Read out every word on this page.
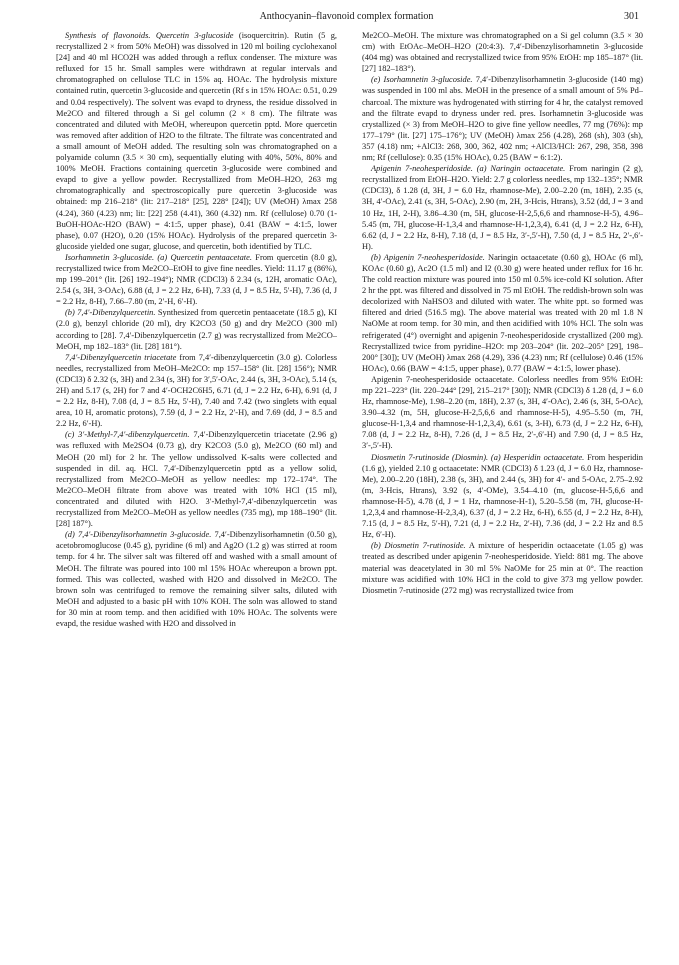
Anthocyanin–flavonoid complex formation	301

Synthesis of flavonoids. Quercetin 3-glucoside (isoquercitrin). Rutin (5 g, recrystallized 2 × from 50% MeOH) was dissolved in 120 ml boiling cyclohexanol [24] and 40 ml HCO2H was added through a reflux condenser. The mixture was refluxed for 15 hr. Small samples were withdrawn at regular intervals and chromatographed on cellulose TLC in 15% aq. HOAc. The hydrolysis mixture contained rutin, quercetin 3-glucoside and quercetin (Rf s in 15% HOAc: 0.51, 0.29 and 0.04 respectively). The solvent was evapd to dryness, the residue dissolved in Me2CO and filtered through a Si gel column (2 × 8 cm). The filtrate was concentrated and diluted with MeOH, whereupon quercetin pptd. More quercetin was removed after addition of H2O to the filtrate. The filtrate was concentrated and a small amount of MeOH added. The resulting soln was chromatographed on a polyamide column (3.5 × 30 cm), sequentially eluting with 40%, 50%, 80% and 100% MeOH. Fractions containing quercetin 3-glucoside were combined and evapd to give a yellow powder. Recrystallized from MeOH–H2O, 263 mg chromatographically and spectroscopically pure quercetin 3-glucoside was obtained: mp 216–218° (lit: 217–218° [25], 228° [24]); UV (MeOH) λmax 258 (4.24), 360 (4.23) nm; lit: [22] 258 (4.41), 360 (4.32) nm. Rf (cellulose) 0.70 (1-BuOH-HOAc-H2O (BAW) = 4:1:5, upper phase), 0.41 (BAW = 4:1:5, lower phase), 0.07 (H2O), 0.20 (15% HOAc). Hydrolysis of the prepared quercetin 3-glucoside yielded one sugar, glucose, and quercetin, both identified by TLC.

Isorhamnetin 3-glucoside. (a) Quercetin pentaacetate. From quercetin (8.0 g), recrystallized twice from Me2CO–EtOH to give fine needles. Yield: 11.17 g (86%), mp 199–201° (lit. [26] 192–194°); NMR (CDCl3) δ 2.34 (s, 12H, aromatic OAc), 2.54 (s, 3H, 3-OAc), 6.88 (d, J = 2.2 Hz, 6-H), 7.33 (d, J = 8.5 Hz, 5′-H), 7.36 (d, J = 2.2 Hz, 8-H), 7.66–7.80 (m, 2′-H, 6′-H).

(b) 7,4′-Dibenzylquercetin. Synthesized from quercetin pentaacetate (18.5 g), KI (2.0 g), benzyl chloride (20 ml), dry K2CO3 (50 g) and dry Me2CO (300 ml) according to [28]. 7,4′-Dibenzylquercetin (2.7 g) was recrystallized from Me2CO–MeOH, mp 182–183° (lit. [28] 181°).

7,4′-Dibenzylquercetin triacetate from 7,4′-dibenzylquercetin (3.0 g). Colorless needles, recrystallized from MeOH–Me2CO: mp 157–158° (lit. [28] 156°); NMR (CDCl3) δ 2.32 (s, 3H) and 2.34 (s, 3H) for 3′,5′-OAc, 2.44 (s, 3H, 3-OAc), 5.14 (s, 2H) and 5.17 (s, 2H) for 7 and 4′-OCH2C6H5, 6.71 (d, J = 2.2 Hz, 6-H), 6.91 (d, J = 2.2 Hz, 8-H), 7.08 (d, J = 8.5 Hz, 5′-H), 7.40 and 7.42 (two singlets with equal area, 10 H, aromatic protons), 7.59 (d, J = 2.2 Hz, 2′-H), and 7.69 (dd, J = 8.5 and 2.2 Hz, 6′-H).

(c) 3′-Methyl-7,4′-dibenzylquercetin. 7,4′-Dibenzylquercetin triacetate (2.96 g) was refluxed with Me2SO4 (0.73 g), dry K2CO3 (5.0 g), Me2CO (60 ml) and MeOH (20 ml) for 2 hr. The yellow undissolved K-salts were collected and suspended in dil. aq. HCl. 7,4′-Dibenzylquercetin pptd as a yellow solid, recrystallized from Me2CO–MeOH as yellow needles: mp 172–174°. The Me2CO–MeOH filtrate from above was treated with 10% HCl (15 ml), concentrated and diluted with H2O. 3′-Methyl-7,4′-dibenzylquercetin was recrystallized from Me2CO–MeOH as yellow needles (735 mg), mp 188–190° (lit. [28] 187°).

(d) 7,4′-Dibenzylisorhamnetin 3-glucoside. 7,4′-Dibenzylisorhamnetin (0.50 g), acetobromoglucose (0.45 g), pyridine (6 ml) and Ag2O (1.2 g) was stirred at room temp. for 4 hr. The silver salt was filtered off and washed with a small amount of MeOH. The filtrate was poured into 100 ml 15% HOAc whereupon a brown ppt. formed. This was collected, washed with H2O and dissolved in Me2CO. The brown soln was centrifuged to remove the remaining silver salts, diluted with MeOH and adjusted to a basic pH with 10% KOH. The soln was allowed to stand for 30 min at room temp. and then acidified with 10% HOAc. The solvents were evapd, the residue washed with H2O and dissolved in

Me2CO–MeOH. The mixture was chromatographed on a Si gel column (3.5 × 30 cm) with EtOAc–MeOH–H2O (20:4:3). 7,4′-Dibenzylisorhamnetin 3-glucoside (404 mg) was obtained and recrystallized twice from 95% EtOH: mp 185–187° (lit. [27] 182–183°).

(e) Isorhamnetin 3-glucoside. 7,4′-Dibenzylisorhamnetin 3-glucoside (140 mg) was suspended in 100 ml abs. MeOH in the presence of a small amount of 5% Pd–charcoal. The mixture was hydrogenated with stirring for 4 hr, the catalyst removed and the filtrate evapd to dryness under red. pres. Isorhamnetin 3-glucoside was crystallized (× 3) from MeOH–H2O to give fine yellow needles, 77 mg (76%): mp 177–179° (lit. [27] 175–176°); UV (MeOH) λmax 256 (4.28), 268 (sh), 303 (sh), 357 (4.18) nm; +AlCl3: 268, 300, 362, 402 nm; +AlCl3/HCl: 267, 298, 358, 398 nm; Rf (cellulose): 0.35 (15% HOAc), 0.25 (BAW = 6:1:2).

Apigenin 7-neohesperidoside. (a) Naringin octaacetate. From naringin (2 g), recrystallized from EtOH–H2O. Yield: 2.7 g colorless needles, mp 132–135°; NMR (CDCl3), δ 1.28 (d, 3H, J = 6.0 Hz, rhamnose-Me), 2.00–2.20 (m, 18H), 2.35 (s, 3H, 4′-OAc), 2.41 (s, 3H, 5-OAc), 2.90 (m, 2H, 3-Hcis, Htrans), 3.52 (dd, J = 3 and 10 Hz, 1H, 2-H), 3.86–4.30 (m, 5H, glucose-H-2,5,6,6 and rhamnose-H-5), 4.96–5.45 (m, 7H, glucose-H-1,3,4 and rhamnose-H-1,2,3,4), 6.41 (d, J = 2.2 Hz, 6-H), 6.62 (d, J = 2.2 Hz, 8-H), 7.18 (d, J = 8.5 Hz, 3′-,5′-H), 7.50 (d, J = 8.5 Hz, 2′-,6′-H).

(b) Apigenin 7-neohesperidoside. Naringin octaacetate (0.60 g), HOAc (6 ml), KOAc (0.60 g), Ac2O (1.5 ml) and I2 (0.30 g) were heated under reflux for 16 hr. The cold reaction mixture was poured into 150 ml 0.5% ice-cold KI solution. After 2 hr the ppt. was filtered and dissolved in 75 ml EtOH. The reddish-brown soln was decolorized with NaHSO3 and diluted with water. The white ppt. so formed was filtered and dried (516.5 mg). The above material was treated with 20 ml 1.8 N NaOMe at room temp. for 30 min, and then acidified with 10% HCl. The soln was refrigerated (4°) overnight and apigenin 7-neohesperidoside crystallized (200 mg). Recrystallized twice from pyridine–H2O: mp 203–204° (lit. 202–205° [29], 198–200° [30]); UV (MeOH) λmax 268 (4.29), 336 (4.23) nm; Rf (cellulose) 0.46 (15% HOAc), 0.66 (BAW = 4:1:5, upper phase), 0.77 (BAW = 4:1:5, lower phase).

Apigenin 7-neohesperidoside octaacetate. Colorless needles from 95% EtOH: mp 221–223° (lit. 220–244° [29], 215–217° [30]); NMR (CDCl3) δ 1.28 (d, J = 6.0 Hz, rhamnose-Me), 1.98–2.20 (m, 18H), 2.37 (s, 3H, 4′-OAc), 2.46 (s, 3H, 5-OAc), 3.90–4.32 (m, 5H, glucose-H-2,5,6,6 and rhamnose-H-5), 4.95–5.50 (m, 7H, glucose-H-1,3,4 and rhamnose-H-1,2,3,4), 6.61 (s, 3-H), 6.73 (d, J = 2.2 Hz, 6-H), 7.08 (d, J = 2.2 Hz, 8-H), 7.26 (d, J = 8.5 Hz, 2′-,6′-H) and 7.90 (d, J = 8.5 Hz, 3′-,5′-H).

Diosmetin 7-rutinoside (Diosmin). (a) Hesperidin octaacetate. From hesperidin (1.6 g), yielded 2.10 g octaacetate: NMR (CDCl3) δ 1.23 (d, J = 6.0 Hz, rhamnose-Me), 2.00–2.20 (18H), 2.38 (s, 3H), and 2.44 (s, 3H) for 4′- and 5-OAc, 2.75–2.92 (m, 3-Hcis, Htrans), 3.92 (s, 4′-OMe), 3.54–4.10 (m, glucose-H-5,6,6 and rhamnose-H-5), 4.78 (d, J = 1 Hz, rhamnose-H-1), 5.20–5.58 (m, 7H, glucose-H-1,2,3,4 and rhamnose-H-2,3,4), 6.37 (d, J = 2.2 Hz, 6-H), 6.55 (d, J = 2.2 Hz, 8-H), 7.15 (d, J = 8.5 Hz, 5′-H), 7.21 (d, J = 2.2 Hz, 2′-H), 7.36 (dd, J = 2.2 Hz and 8.5 Hz, 6′-H).

(b) Diosmetin 7-rutinoside. A mixture of hesperidin octaacetate (1.05 g) was treated as described under apigenin 7-neohesperidoside. Yield: 881 mg. The above material was deacetylated in 30 ml 5% NaOMe for 25 min at 0°. The reaction mixture was acidified with 10% HCl in the cold to give 373 mg yellow powder. Diosmetin 7-rutinoside (272 mg) was recrystallized twice from
